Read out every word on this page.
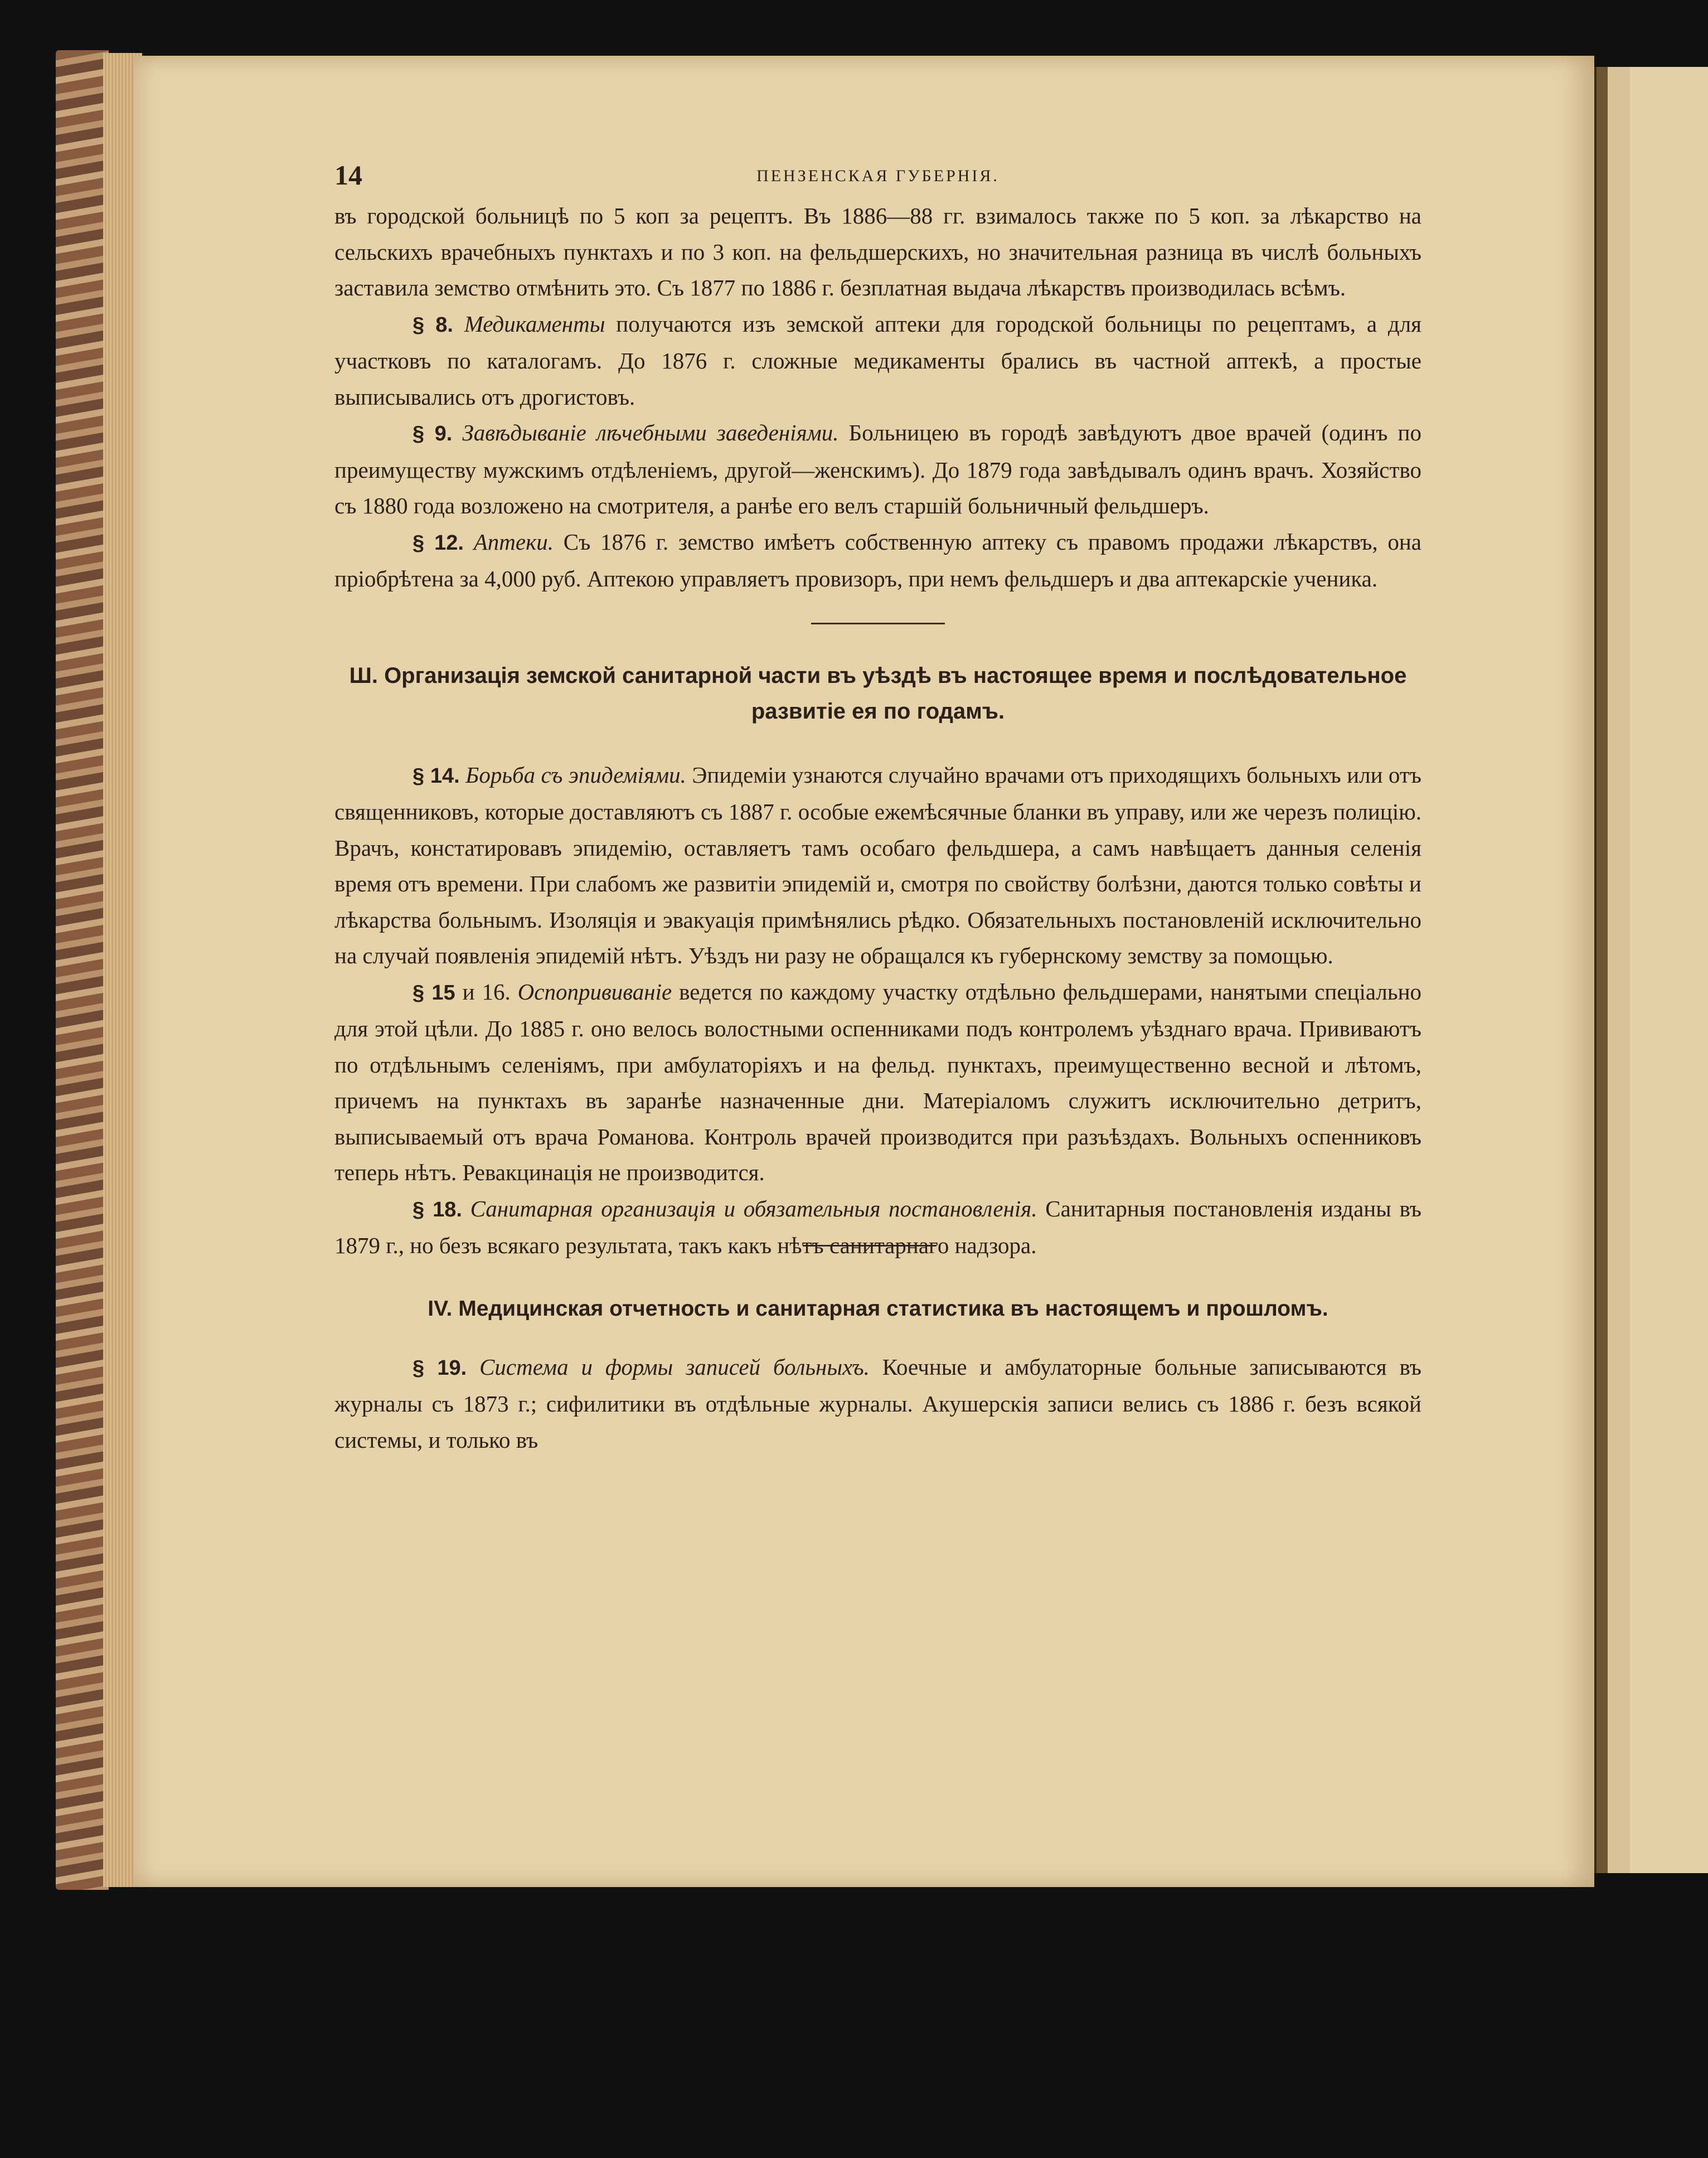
14	ПЕНЗЕНСКАЯ ГУБЕРНІЯ.

въ городской больницѣ по 5 коп за рецептъ. Въ 1886—88 гг. взималось также по 5 коп. за лѣкарство на сельскихъ врачебныхъ пунктахъ и по 3 коп. на фельдшерскихъ, но значительная разница въ числѣ больныхъ заставила земство отмѣнить это. Съ 1877 по 1886 г. безплатная выдача лѣкарствъ производилась всѣмъ.

§ 8. Медикаменты получаются изъ земской аптеки для городской больницы по рецептамъ, а для участковъ по каталогамъ. До 1876 г. сложные медикаменты брались въ частной аптекѣ, а простые выписывались отъ дрогистовъ.

§ 9. Завѣдываніе лѣчебными заведеніями. Больницею въ городѣ завѣдуютъ двое врачей (одинъ по преимуществу мужскимъ отдѣленіемъ, другой—женскимъ). До 1879 года завѣдывалъ одинъ врачъ. Хозяйство съ 1880 года возложено на смотрителя, а ранѣе его велъ старшій больничный фельдшеръ.

§ 12. Аптеки. Съ 1876 г. земство имѣетъ собственную аптеку съ правомъ продажи лѣкарствъ, она пріобрѣтена за 4,000 руб. Аптекою управляетъ провизоръ, при немъ фельдшеръ и два аптекарскіе ученика.

Ш. Организація земской санитарной части въ уѣздѣ въ настоящее время и послѣдовательное развитіе ея по годамъ.

§ 14. Борьба съ эпидеміями. Эпидеміи узнаются случайно врачами отъ приходящихъ больныхъ или отъ священниковъ, которые доставляютъ съ 1887 г. особые ежемѣсячные бланки въ управу, или же черезъ полицію. Врачъ, констатировавъ эпидемію, оставляетъ тамъ особаго фельдшера, а самъ навѣщаетъ данныя селенія время отъ времени. При слабомъ же развитіи эпидемій и, смотря по свойству болѣзни, даются только совѣты и лѣкарства больнымъ. Изоляція и эвакуація примѣнялись рѣдко. Обязательныхъ постановленій исключительно на случай появленія эпидемій нѣтъ. Уѣздъ ни разу не обращался къ губернскому земству за помощью.

§ 15 и 16. Оспопрививаніе ведется по каждому участку отдѣльно фельдшерами, нанятыми спеціально для этой цѣли. До 1885 г. оно велось волостными оспенниками подъ контролемъ уѣзднаго врача. Прививаютъ по отдѣльнымъ селеніямъ, при амбулаторіяхъ и на фельд. пунктахъ, преимущественно весной и лѣтомъ, причемъ на пунктахъ въ заранѣе назначенные дни. Матеріаломъ служитъ исключительно детритъ, выписываемый отъ врача Романова. Контроль врачей производится при разъѣздахъ. Вольныхъ оспенниковъ теперь нѣтъ. Ревакцинація не производится.

§ 18. Санитарная организація и обязательныя постановленія. Санитарныя постановленія изданы въ 1879 г., но безъ всякаго результата, такъ какъ нѣтъ санитарнаго надзора.

IV. Медицинская отчетность и санитарная статистика въ настоящемъ и прошломъ.

§ 19. Система и формы записей больныхъ. Коечные и амбулаторные больные записываются въ журналы съ 1873 г.; сифилитики въ отдѣльные журналы. Акушерскія записи велись съ 1886 г. безъ всякой системы, и только въ
